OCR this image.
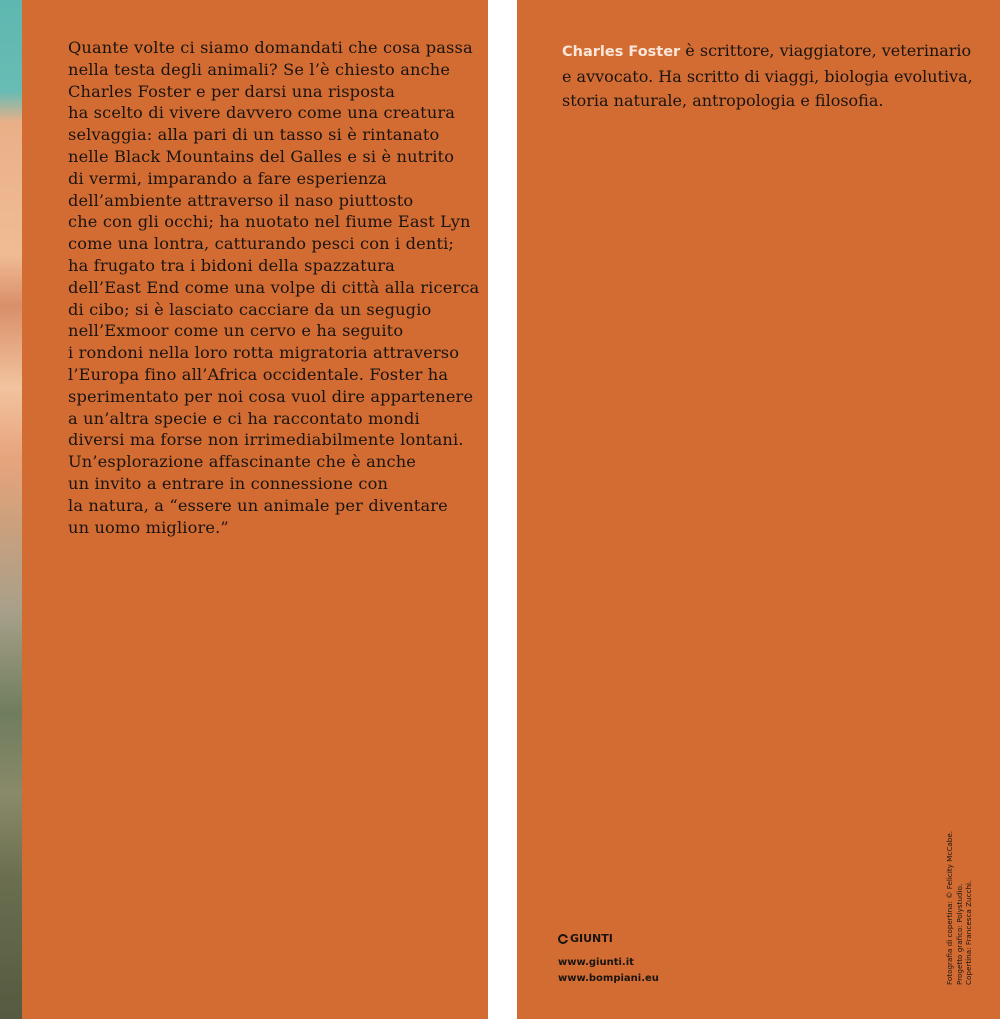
Quante volte ci siamo domandati che cosa passa
nella testa degli animali? Se l’è chiesto anche
Charles Foster e per darsi una risposta
ha scelto di vivere davvero come una creatura
selvaggia: alla pari di un tasso si è rintanato
nelle Black Mountains del Galles e si è nutrito
di vermi, imparando a fare esperienza
dell’ambiente attraverso il naso piuttosto
che con gli occhi; ha nuotato nel fiume East Lyn
come una lontra, catturando pesci con i denti;
ha frugato tra i bidoni della spazzatura
dell’East End come una volpe di città alla ricerca
di cibo; si è lasciato cacciare da un segugio
nell’Exmoor come un cervo e ha seguito
i rondoni nella loro rotta migratoria attraverso
l’Europa fino all’Africa occidentale. Foster ha
sperimentato per noi cosa vuol dire appartenere
a un’altra specie e ci ha raccontato mondi
diversi ma forse non irrimediabilmente lontani.
Un’esplorazione affascinante che è anche
un invito a entrare in connessione con
la natura, a “essere un animale per diventare
un uomo migliore.”

Charles Foster è scrittore, viaggiatore, veterinario
e avvocato. Ha scritto di viaggi, biologia evolutiva,
storia naturale, antropologia e filosofia.

GIUNTI
www.giunti.it
www.bompiani.eu	Fotografia di copertina: © Felicity McCabe. Progetto grafico: Polystudio. Copertina: Francesca Zucchi.
